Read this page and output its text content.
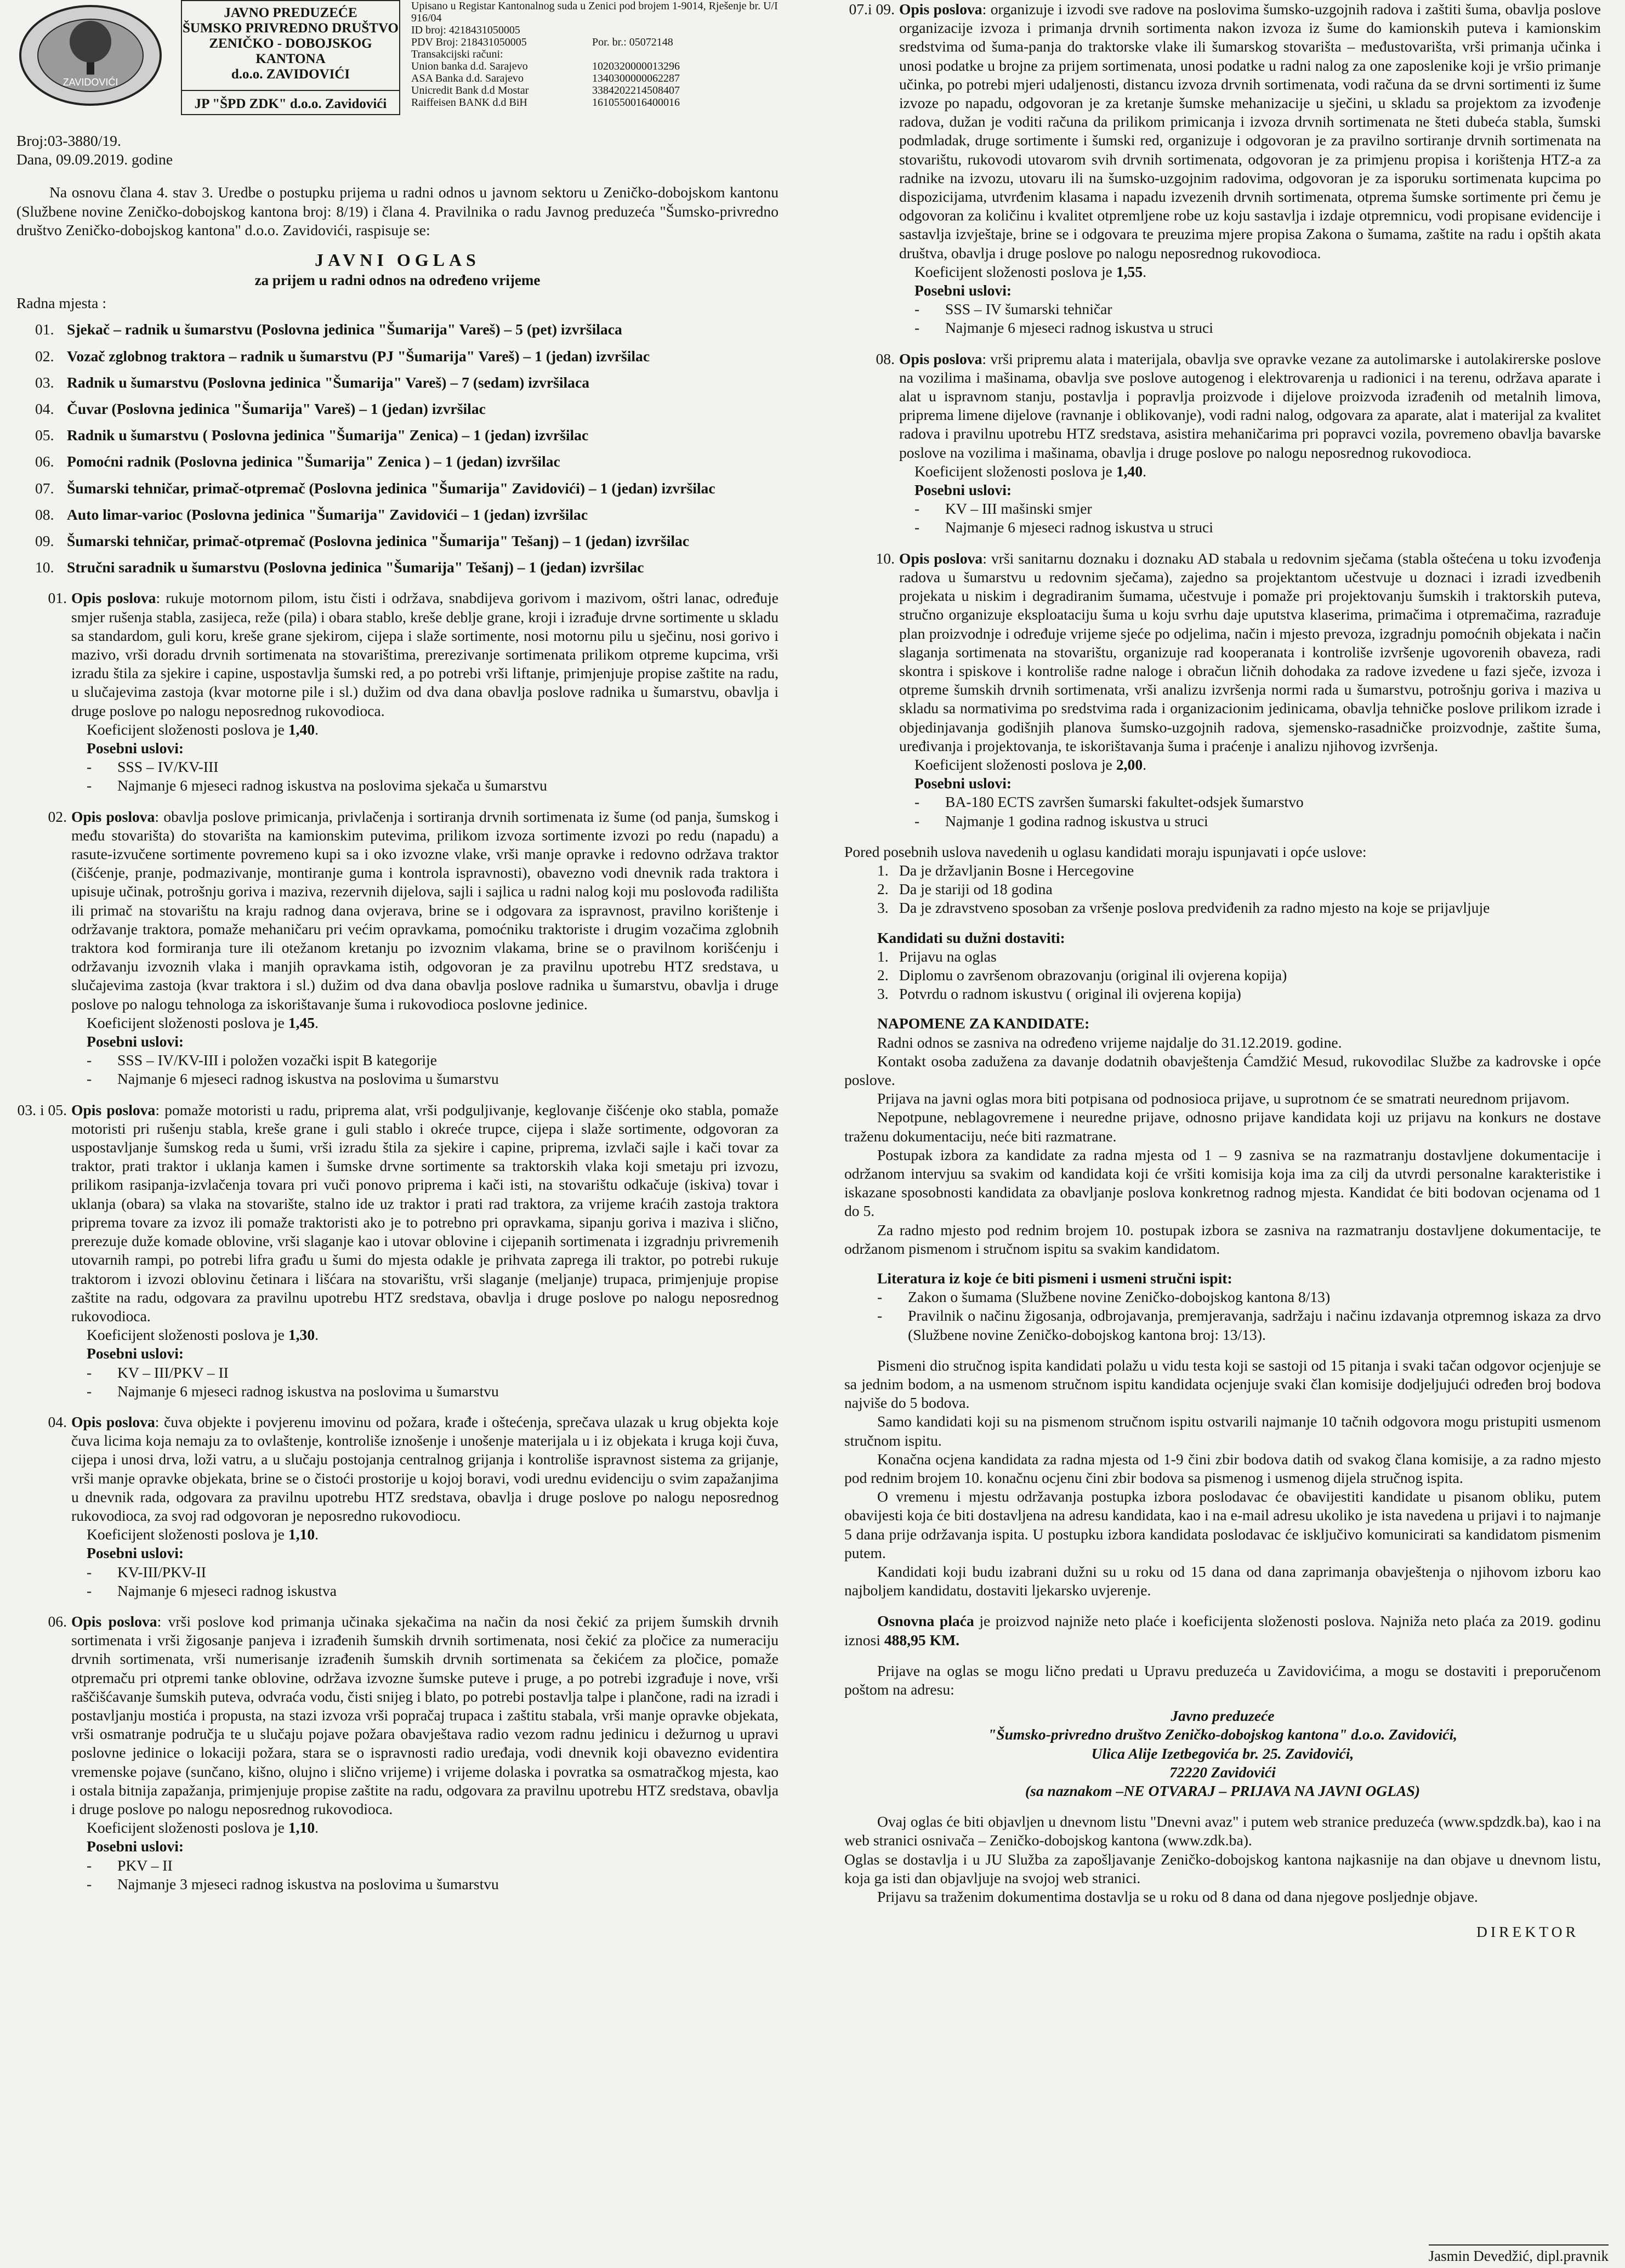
ZAVIDOVIĆI
JAVNO PREDUZEĆE
ŠUMSKO PRIVREDNO DRUŠTVO
ZENIČKO - DOBOJSKOG KANTONA
d.o.o. ZAVIDOVIĆI
JP "ŠPD ZDK" d.o.o. Zavidovići
Upisano u Registar Kantonalnog suda u Zenici pod brojem 1-9014, Rješenje br. U/I 916/04
ID broj: 4218431050005
PDV Broj: 218431050005	Por. br.: 05072148
Transakcijski računi:
Union banka d.d. Sarajevo	1020320000013296
ASA Banka d.d. Sarajevo	1340300000062287
Unicredit Bank d.d Mostar	3384202214508407
Raiffeisen BANK d.d BiH	1610550016400016
Broj:03-3880/19.
Dana, 09.09.2019. godine

Na osnovu člana 4. stav 3. Uredbe o postupku prijema u radni odnos u javnom sektoru u Zeničko-dobojskom kantonu (Službene novine Zeničko-dobojskog kantona broj: 8/19) i člana 4. Pravilnika o radu Javnog preduzeća "Šumsko-privredno društvo Zeničko-dobojskog kantona" d.o.o. Zavidovići, raspisuje se:

JAVNI OGLAS
za prijem u radni odnos na određeno vrijeme
Radna mjesta :
01. Sjekač – radnik u šumarstvu (Poslovna jedinica "Šumarija" Vareš) – 5 (pet) izvršilaca
02. Vozač zglobnog traktora – radnik u šumarstvu (PJ "Šumarija" Vareš) – 1 (jedan) izvršilac
03. Radnik u šumarstvu (Poslovna jedinica "Šumarija" Vareš) – 7 (sedam) izvršilaca
04. Čuvar (Poslovna jedinica "Šumarija" Vareš) – 1 (jedan) izvršilac
05. Radnik u šumarstvu ( Poslovna jedinica "Šumarija" Zenica) – 1 (jedan) izvršilac
06. Pomoćni radnik (Poslovna jedinica "Šumarija" Zenica ) – 1 (jedan) izvršilac
07. Šumarski tehničar, primač-otpremač (Poslovna jedinica "Šumarija" Zavidovići) – 1 (jedan) izvršilac
08. Auto limar-varioc (Poslovna jedinica "Šumarija" Zavidovići – 1 (jedan) izvršilac
09. Šumarski tehničar, primač-otpremač (Poslovna jedinica "Šumarija" Tešanj) – 1 (jedan) izvršilac
10. Stručni saradnik u šumarstvu (Poslovna jedinica "Šumarija" Tešanj) – 1 (jedan) izvršilac
01. Opis poslova: rukuje motornom pilom, istu čisti i održava, snabdijeva gorivom i mazivom, oštri lanac, određuje smjer rušenja stabla, zasijeca, reže (pila) i obara stablo, kreše deblje grane, kroji i izrađuje drvne sortimente u skladu sa standardom, guli koru, kreše grane sjekirom, cijepa i slaže sortimente, nosi motornu pilu u sječinu, nosi gorivo i mazivo, vrši doradu drvnih sortimenata na stovarištima, prerezivanje sortimenata prilikom otpreme kupcima, vrši izradu štila za sjekire i capine, uspostavlja šumski red, a po potrebi vrši liftanje, primjenjuje propise zaštite na radu, u slučajevima zastoja (kvar motorne pile i sl.) dužim od dva dana obavlja poslove radnika u šumarstvu, obavlja i druge poslove po nalogu neposrednog rukovodioca.

Koeficijent složenosti poslova je 1,40.
Posebni uslovi:
-	SSS – IV/KV-III
-	Najmanje 6 mjeseci radnog iskustva na poslovima sjekača u šumarstvu
02. Opis poslova: obavlja poslove primicanja, privlačenja i sortiranja drvnih sortimenata iz šume (od panja, šumskog i među stovarišta) do stovarišta na kamionskim putevima, prilikom izvoza sortimente izvozi po redu (napadu) a rasute-izvučene sortimente povremeno kupi sa i oko izvozne vlake, vrši manje opravke i redovno održava traktor (čišćenje, pranje, podmazivanje, montiranje guma i kontrola ispravnosti), obavezno vodi dnevnik rada traktora i upisuje učinak, potrošnju goriva i maziva, rezervnih dijelova, sajli i sajlica u radni nalog koji mu poslovođa radilišta ili primač na stovarištu na kraju radnog dana ovjerava, brine se i odgovara za ispravnost, pravilno korištenje i održavanje traktora, pomaže mehaničaru pri većim opravkama, pomoćniku traktoriste i drugim vozačima zglobnih traktora kod formiranja ture ili otežanom kretanju po izvoznim vlakama, brine se o pravilnom korišćenju i održavanju izvoznih vlaka i manjih opravkama istih, odgovoran je za pravilnu upotrebu HTZ sredstava, u slučajevima zastoja (kvar traktora i sl.) dužim od dva dana obavlja poslove radnika u šumarstvu, obavlja i druge poslove po nalogu tehnologa za iskorištavanje šuma i rukovodioca poslovne jedinice.

Koeficijent složenosti poslova je 1,45.
Posebni uslovi:
-	SSS – IV/KV-III i položen vozački ispit B kategorije
-	Najmanje 6 mjeseci radnog iskustva na poslovima u šumarstvu
03. i 05. Opis poslova: pomaže motoristi u radu, priprema alat, vrši podguljivanje, keglovanje čišćenje oko stabla, pomaže motoristi pri rušenju stabla, kreše grane i guli stablo i okreće trupce, cijepa i slaže sortimente, odgovoran za uspostavljanje šumskog reda u šumi, vrši izradu štila za sjekire i capine, priprema, izvlači sajle i kači tovar za traktor, prati traktor i uklanja kamen i šumske drvne sortimente sa traktorskih vlaka koji smetaju pri izvozu, prilikom rasipanja-izvlačenja tovara pri vuči ponovo priprema i kači isti, na stovarištu odkačuje (iskiva) tovar i uklanja (obara) sa vlaka na stovarište, stalno ide uz traktor i prati rad traktora, za vrijeme kraćih zastoja traktora priprema tovare za izvoz ili pomaže traktoristi ako je to potrebno pri opravkama, sipanju goriva i maziva i slično, prerezuje duže komade oblovine, vrši slaganje kao i utovar oblovine i cijepanih sortimenata i izgradnju privremenih utovarnih rampi, po potrebi lifra građu u šumi do mjesta odakle je prihvata zaprega ili traktor, po potrebi rukuje traktorom i izvozi oblovinu četinara i lišćara na stovarištu, vrši slaganje (meljanje) trupaca, primjenjuje propise zaštite na radu, odgovara za pravilnu upotrebu HTZ sredstava, obavlja i druge poslove po nalogu neposrednog rukovodioca.

Koeficijent složenosti poslova je 1,30.
Posebni uslovi:
-	KV – III/PKV – II
-	Najmanje 6 mjeseci radnog iskustva na poslovima u šumarstvu
04. Opis poslova: čuva objekte i povjerenu imovinu od požara, krađe i oštećenja, sprečava ulazak u krug objekta koje čuva licima koja nemaju za to ovlaštenje, kontroliše iznošenje i unošenje materijala u i iz objekata i kruga koji čuva, cijepa i unosi drva, loži vatru, a u slučaju postojanja centralnog grijanja i kontroliše ispravnost sistema za grijanje, vrši manje opravke objekata, brine se o čistoći prostorije u kojoj boravi, vodi urednu evidenciju o svim zapažanjima u dnevnik rada, odgovara za pravilnu upotrebu HTZ sredstava, obavlja i druge poslove po nalogu neposrednog rukovodioca, za svoj rad odgovoran je neposredno rukovodiocu.

Koeficijent složenosti poslova je 1,10.
Posebni uslovi:
-	KV-III/PKV-II
-	Najmanje 6 mjeseci radnog iskustva
06. Opis poslova: vrši poslove kod primanja učinaka sjekačima na način da nosi čekić za prijem šumskih drvnih sortimenata i vrši žigosanje panjeva i izrađenih šumskih drvnih sortimenata, nosi čekić za pločice za numeraciju drvnih sortimenata, vrši numerisanje izrađenih šumskih drvnih sortimenata sa čekićem za pločice, pomaže otpremaču pri otpremi tanke oblovine, održava izvozne šumske puteve i pruge, a po potrebi izgrađuje i nove, vrši raščišćavanje šumskih puteva, odvraća vodu, čisti snijeg i blato, po potrebi postavlja talpe i plančone, radi na izradi i postavljanju mostića i propusta, na stazi izvoza vrši popračaj trupaca i zaštitu stabala, vrši manje opravke objekata, vrši osmatranje područja te u slučaju pojave požara obavještava radio vezom radnu jedinicu i dežurnog u upravi poslovne jedinice o lokaciji požara, stara se o ispravnosti radio uređaja, vodi dnevnik koji obavezno evidentira vremenske pojave (sunčano, kišno, olujno i slično vrijeme) i vrijeme dolaska i povratka sa osmatračkog mjesta, kao i ostala bitnija zapažanja, primjenjuje propise zaštite na radu, odgovara za pravilnu upotrebu HTZ sredstava, obavlja i druge poslove po nalogu neposrednog rukovodioca.

Koeficijent složenosti poslova je 1,10.
Posebni uslovi:
-	PKV – II
-	Najmanje 3 mjeseci radnog iskustva na poslovima u šumarstvu
07.i 09. Opis poslova: organizuje i izvodi sve radove na poslovima šumsko-uzgojnih radova i zaštiti šuma, obavlja poslove organizacije izvoza i primanja drvnih sortimenta nakon izvoza iz šume do kamionskih puteva i kamionskim sredstvima od šuma-panja do traktorske vlake ili šumarskog stovarišta – međustovarišta, vrši primanja učinka i unosi podatke u brojne za prijem sortimenata, unosi podatke u radni nalog za one zaposlenike koji je vršio primanje učinka, po potrebi mjeri udaljenosti, distancu izvoza drvnih sortimenata, vodi računa da se drvni sortimenti iz šume izvoze po napadu, odgovoran je za kretanje šumske mehanizacije u sječini, u skladu sa projektom za izvođenje radova, dužan je voditi računa da prilikom primicanja i izvoza drvnih sortimenata ne šteti dubeća stabla, šumski podmladak, druge sortimente i šumski red, organizuje i odgovoran je za pravilno sortiranje drvnih sortimenata na stovarištu, rukovodi utovarom svih drvnih sortimenata, odgovoran je za primjenu propisa i korištenja HTZ-a za radnike na izvozu, utovaru ili na šumsko-uzgojnim radovima, odgovoran je za isporuku sortimenata kupcima po dispozicijama, utvrđenim klasama i napadu izvezenih drvnih sortimenata, otprema šumske sortimente pri čemu je odgovoran za količinu i kvalitet otpremljene robe uz koju sastavlja i izdaje otpremnicu, vodi propisane evidencije i sastavlja izvještaje, brine se i odgovara te preuzima mjere propisa Zakona o šumama, zaštite na radu i opštih akata društva, obavlja i druge poslove po nalogu neposrednog rukovodioca.

Koeficijent složenosti poslova je 1,55.
Posebni uslovi:
-	SSS – IV šumarski tehničar
-	Najmanje 6 mjeseci radnog iskustva u struci
08. Opis poslova: vrši pripremu alata i materijala, obavlja sve opravke vezane za autolimarske i autolakirerske poslove na vozilima i mašinama, obavlja sve poslove autogenog i elektrovarenja u radionici i na terenu, održava aparate i alat u ispravnom stanju, postavlja i popravlja proizvode i dijelove proizvoda izrađenih od metalnih limova, priprema limene dijelove (ravnanje i oblikovanje), vodi radni nalog, odgovara za aparate, alat i materijal za kvalitet radova i pravilnu upotrebu HTZ sredstava, asistira mehaničarima pri popravci vozila, povremeno obavlja bavarske poslove na vozilima i mašinama, obavlja i druge poslove po nalogu neposrednog rukovodioca.

Koeficijent složenosti poslova je 1,40.
Posebni uslovi:
-	KV – III mašinski smjer
-	Najmanje 6 mjeseci radnog iskustva u struci
10. Opis poslova: vrši sanitarnu doznaku i doznaku AD stabala u redovnim sječama (stabla oštećena u toku izvođenja radova u šumarstvu u redovnim sječama), zajedno sa projektantom učestvuje u doznaci i izradi izvedbenih projekata u niskim i degradiranim šumama, učestvuje i pomaže pri projektovanju šumskih i traktorskih puteva, stručno organizuje eksploataciju šuma u koju svrhu daje uputstva klaserima, primačima i otpremačima, razrađuje plan proizvodnje i određuje vrijeme sjeće po odjelima, način i mjesto prevoza, izgradnju pomoćnih objekata i način slaganja sortimenata na stovarištu, organizuje rad kooperanata i kontroliše izvršenje ugovorenih obaveza, radi skontra i spiskove i kontroliše radne naloge i obračun ličnih dohodaka za radove izvedene u fazi sječe, izvoza i otpreme šumskih drvnih sortimenata, vrši analizu izvršenja normi rada u šumarstvu, potrošnju goriva i maziva u skladu sa normativima po sredstvima rada i organizacionim jedinicama, obavlja tehničke poslove prilikom izrade i objedinjavanja godišnjih planova šumsko-uzgojnih radova, sjemensko-rasadničke proizvodnje, zaštite šuma, uređivanja i projektovanja, te iskorištavanja šuma i praćenje i analizu njihovog izvršenja.

Koeficijent složenosti poslova je 2,00.
Posebni uslovi:
-	BA-180 ECTS završen šumarski fakultet-odsjek šumarstvo
-	Najmanje 1 godina radnog iskustva u struci

Pored posebnih uslova navedenih u oglasu kandidati moraju ispunjavati i opće uslove:

1. Da je državljanin Bosne i Hercegovine
2. Da je stariji od 18 godina
3. Da je zdravstveno sposoban za vršenje poslova predviđenih za radno mjesto na koje se prijavljuje
Kandidati su dužni dostaviti:
1. Prijavu na oglas
2. Diplomu o završenom obrazovanju (original ili ovjerena kopija)
3. Potvrdu o radnom iskustvu ( original ili ovjerena kopija)
NAPOMENE ZA KANDIDATE:

Radni odnos se zasniva na određeno vrijeme najdalje do 31.12.2019. godine.

Kontakt osoba zadužena za davanje dodatnih obavještenja Ćamdžić Mesud, rukovodilac Službe za kadrovske i opće poslove.

Prijava na javni oglas mora biti potpisana od podnosioca prijave, u suprotnom će se smatrati neurednom prijavom.

Nepotpune, neblagovremene i neuredne prijave, odnosno prijave kandidata koji uz prijavu na konkurs ne dostave traženu dokumentaciju, neće biti razmatrane.

Postupak izbora za kandidate za radna mjesta od 1 – 9 zasniva se na razmatranju dostavljene dokumentacije i održanom intervjuu sa svakim od kandidata koji će vršiti komisija koja ima za cilj da utvrdi personalne karakteristike i iskazane sposobnosti kandidata za obavljanje poslova konkretnog radnog mjesta. Kandidat će biti bodovan ocjenama od 1 do 5.

Za radno mjesto pod rednim brojem 10. postupak izbora se zasniva na razmatranju dostavljene dokumentacije, te održanom pismenom i stručnom ispitu sa svakim kandidatom.

Literatura iz koje će biti pismeni i usmeni stručni ispit:
-	Zakon o šumama (Službene novine Zeničko-dobojskog kantona 8/13)
-	Pravilnik o načinu žigosanja, odbrojavanja, premjeravanja, sadržaju i načinu izdavanja otpremnog iskaza za drvo (Službene novine Zeničko-dobojskog kantona broj: 13/13).

Pismeni dio stručnog ispita kandidati polažu u vidu testa koji se sastoji od 15 pitanja i svaki tačan odgovor ocjenjuje se sa jednim bodom, a na usmenom stručnom ispitu kandidata ocjenjuje svaki član komisije dodjeljujući određen broj bodova najviše do 5 bodova.

Samo kandidati koji su na pismenom stručnom ispitu ostvarili najmanje 10 tačnih odgovora mogu pristupiti usmenom stručnom ispitu.

Konačna ocjena kandidata za radna mjesta od 1-9 čini zbir bodova datih od svakog člana komisije, a za radno mjesto pod rednim brojem 10. konačnu ocjenu čini zbir bodova sa pismenog i usmenog dijela stručnog ispita.

O vremenu i mjestu održavanja postupka izbora poslodavac će obavijestiti kandidate u pisanom obliku, putem obavijesti koja će biti dostavljena na adresu kandidata, kao i na e-mail adresu ukoliko je ista navedena u prijavi i to najmanje 5 dana prije održavanja ispita. U postupku izbora kandidata poslodavac će isključivo komunicirati sa kandidatom pismenim putem.

Kandidati koji budu izabrani dužni su u roku od 15 dana od dana zaprimanja obavještenja o njihovom izboru kao najboljem kandidatu, dostaviti ljekarsko uvjerenje.

Osnovna plaća je proizvod najniže neto plaće i koeficijenta složenosti poslova. Najniža neto plaća za 2019. godinu iznosi 488,95 KM.

Prijave na oglas se mogu lično predati u Upravu preduzeća u Zavidovićima, a mogu se dostaviti i preporučenom poštom na adresu:

Javno preduzeće
"Šumsko-privredno društvo Zeničko-dobojskog kantona" d.o.o. Zavidovići,
Ulica Alije Izetbegovića br. 25. Zavidovići,
72220 Zavidovići
(sa naznakom –NE OTVARAJ – PRIJAVA NA JAVNI OGLAS)

Ovaj oglas će biti objavljen u dnevnom listu "Dnevni avaz" i putem web stranice preduzeća (www.spdzdk.ba), kao i na web stranici osnivača – Zeničko-dobojskog kantona (www.zdk.ba).

Oglas se dostavlja i u JU Služba za zapošljavanje Zeničko-dobojskog kantona najkasnije na dan objave u dnevnom listu, koja ga isti dan objavljuje na svojoj web stranici.

Prijavu sa traženim dokumentima dostavlja se u roku od 8 dana od dana njegove posljednje objave.

DIREKTOR
Jasmin Devedžić, dipl.pravnik
